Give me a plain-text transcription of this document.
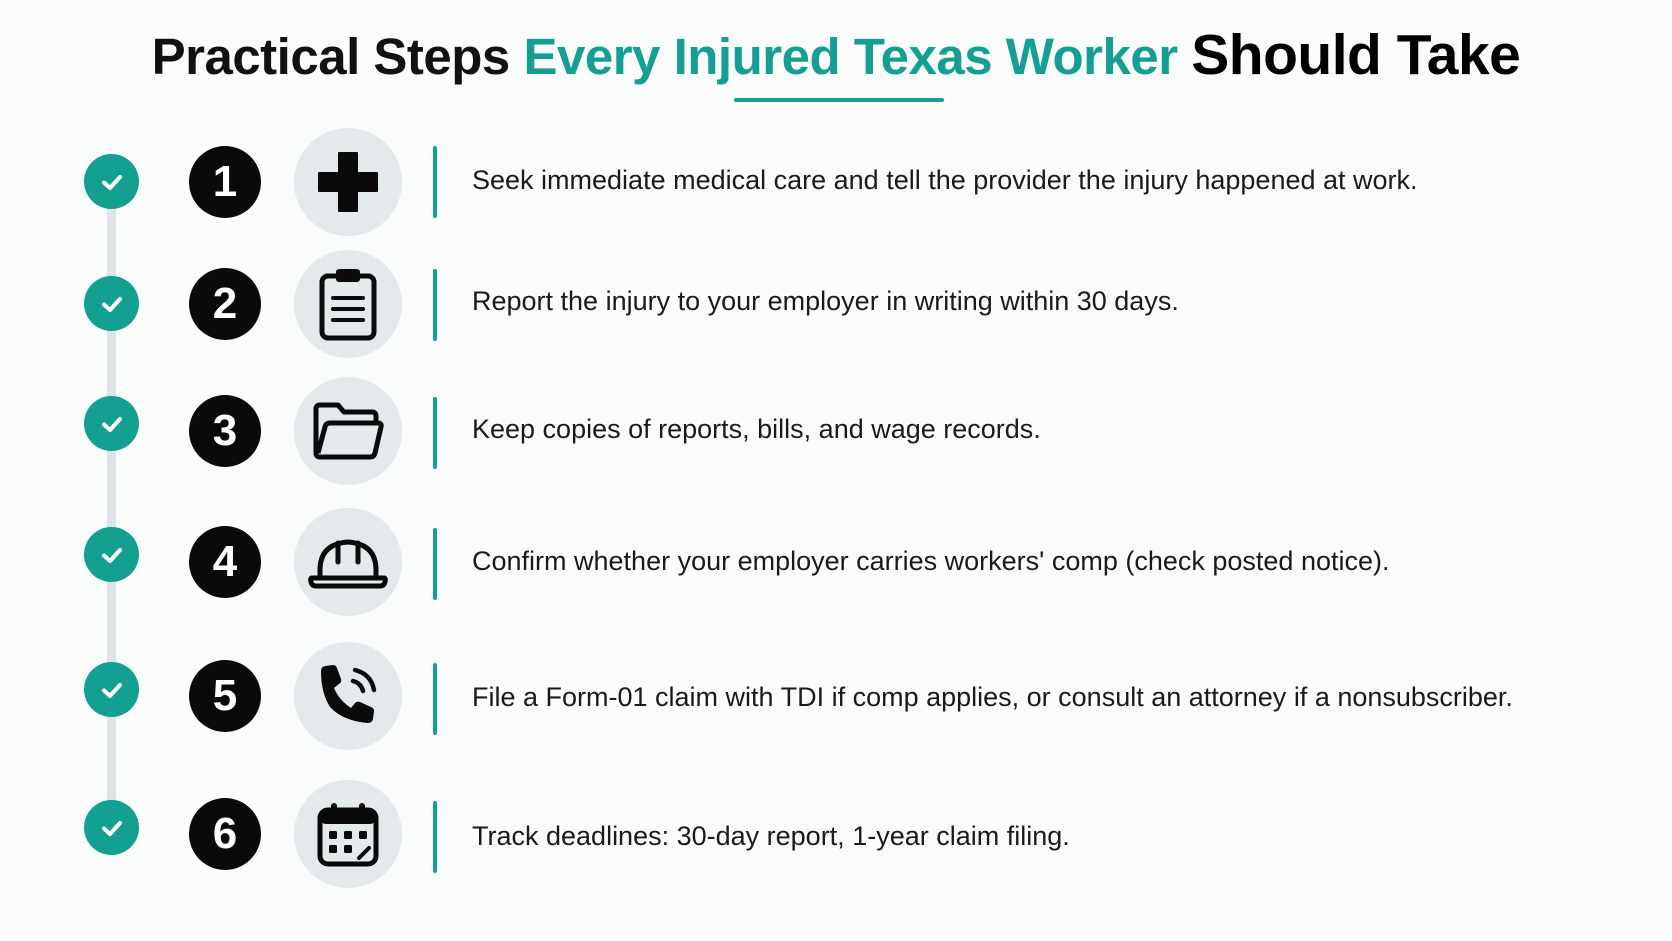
Practical Steps Every Injured Texas Worker Should Take
1	Seek immediate medical care and tell the provider the injury happened at work.
2	Report the injury to your employer in writing within 30 days.
3	Keep copies of reports, bills, and wage records.
4	Confirm whether your employer carries workers' comp (check posted notice).
5	File a Form-01 claim with TDI if comp applies, or consult an attorney if a nonsubscriber.
6	Track deadlines: 30-day report, 1-year claim filing.
